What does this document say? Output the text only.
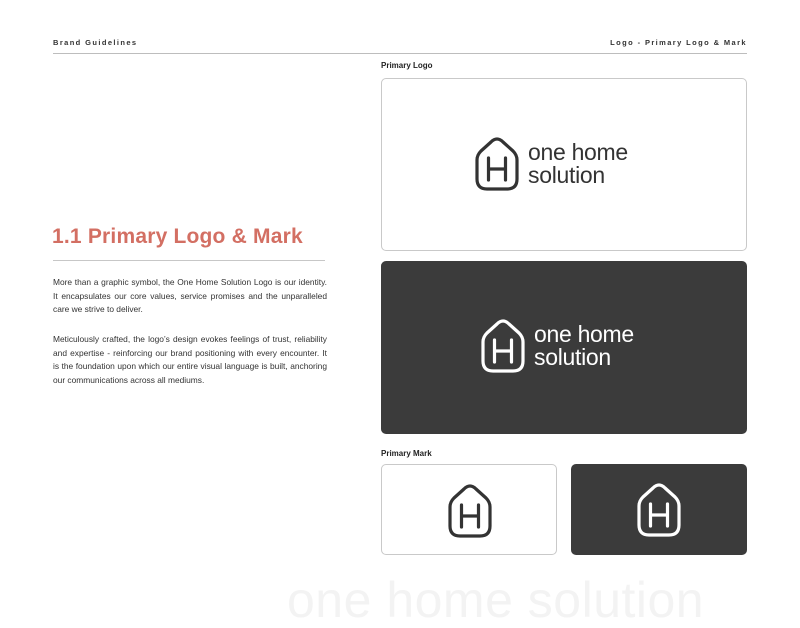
Brand Guidelines	Logo - Primary Logo & Mark
1.1 Primary Logo & Mark

More than a graphic symbol, the One Home Solution Logo is our identity. It encapsulates our core values, service promises and the unparalleled care we strive to deliver.

Meticulously crafted, the logo’s design evokes feelings of trust, reliability and expertise - reinforcing our brand positioning with every encounter. It is the foundation upon which our entire visual language is built, anchoring our communications across all mediums.

Primary Logo
one home
solution
one home
solution
Primary Mark
one home solution
